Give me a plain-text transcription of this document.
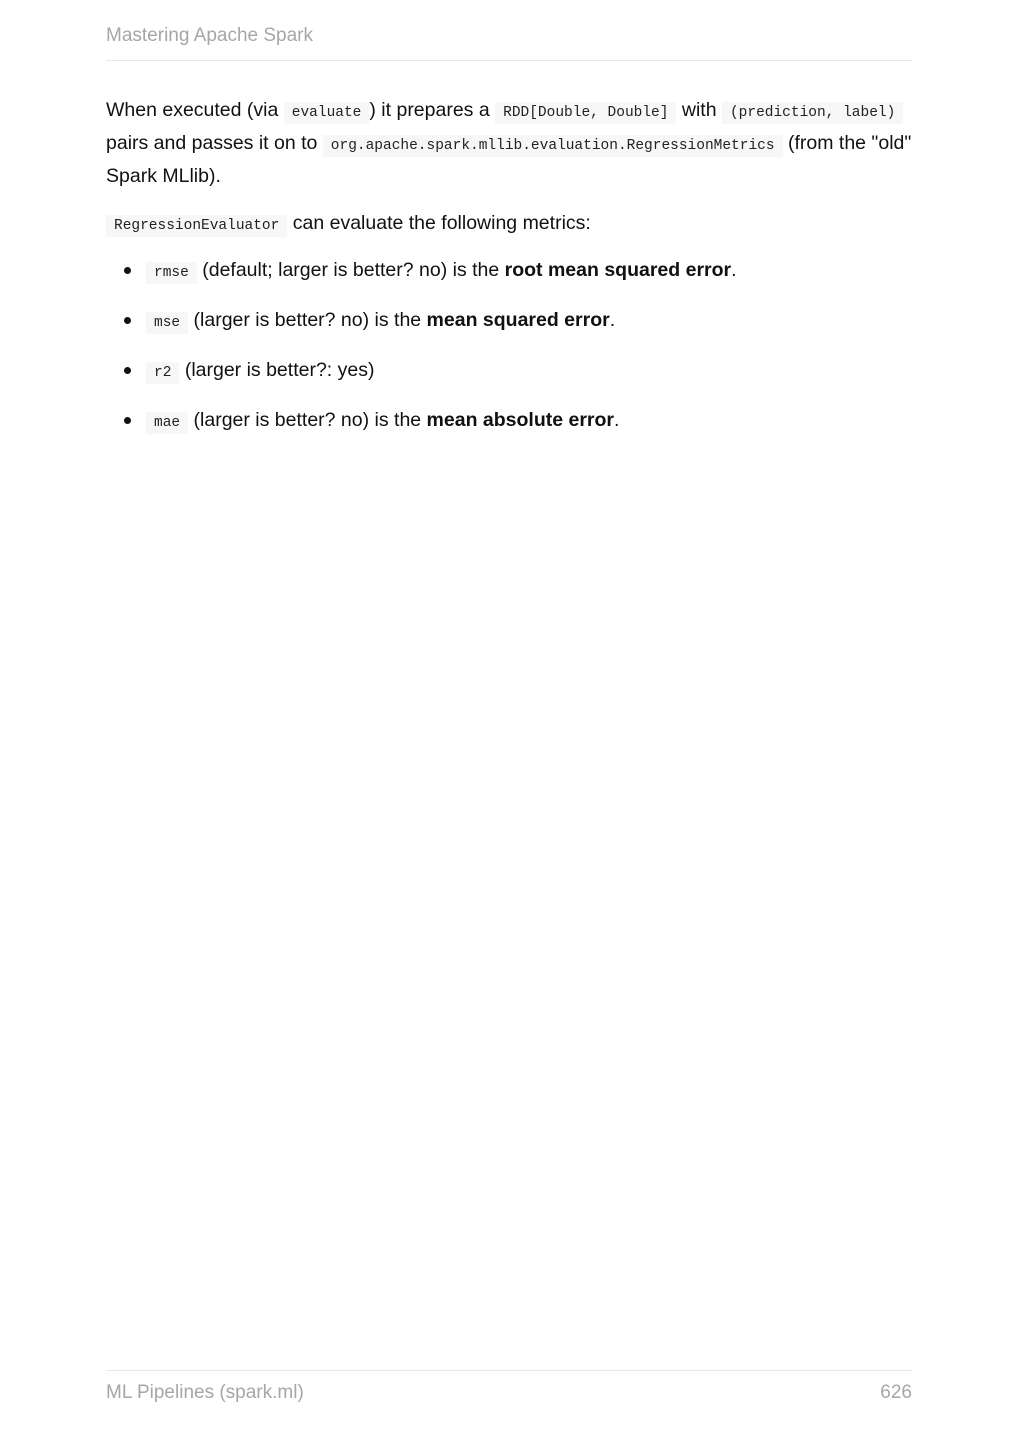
Mastering Apache Spark

When executed (via evaluate ) it prepares a RDD[Double, Double] with (prediction, label) pairs and passes it on to org.apache.spark.mllib.evaluation.RegressionMetrics (from the "old" Spark MLlib).

RegressionEvaluator can evaluate the following metrics:

rmse (default; larger is better? no) is the root mean squared error.
mse (larger is better? no) is the mean squared error.
r2 (larger is better?: yes)
mae (larger is better? no) is the mean absolute error.
ML Pipelines (spark.ml)	626
